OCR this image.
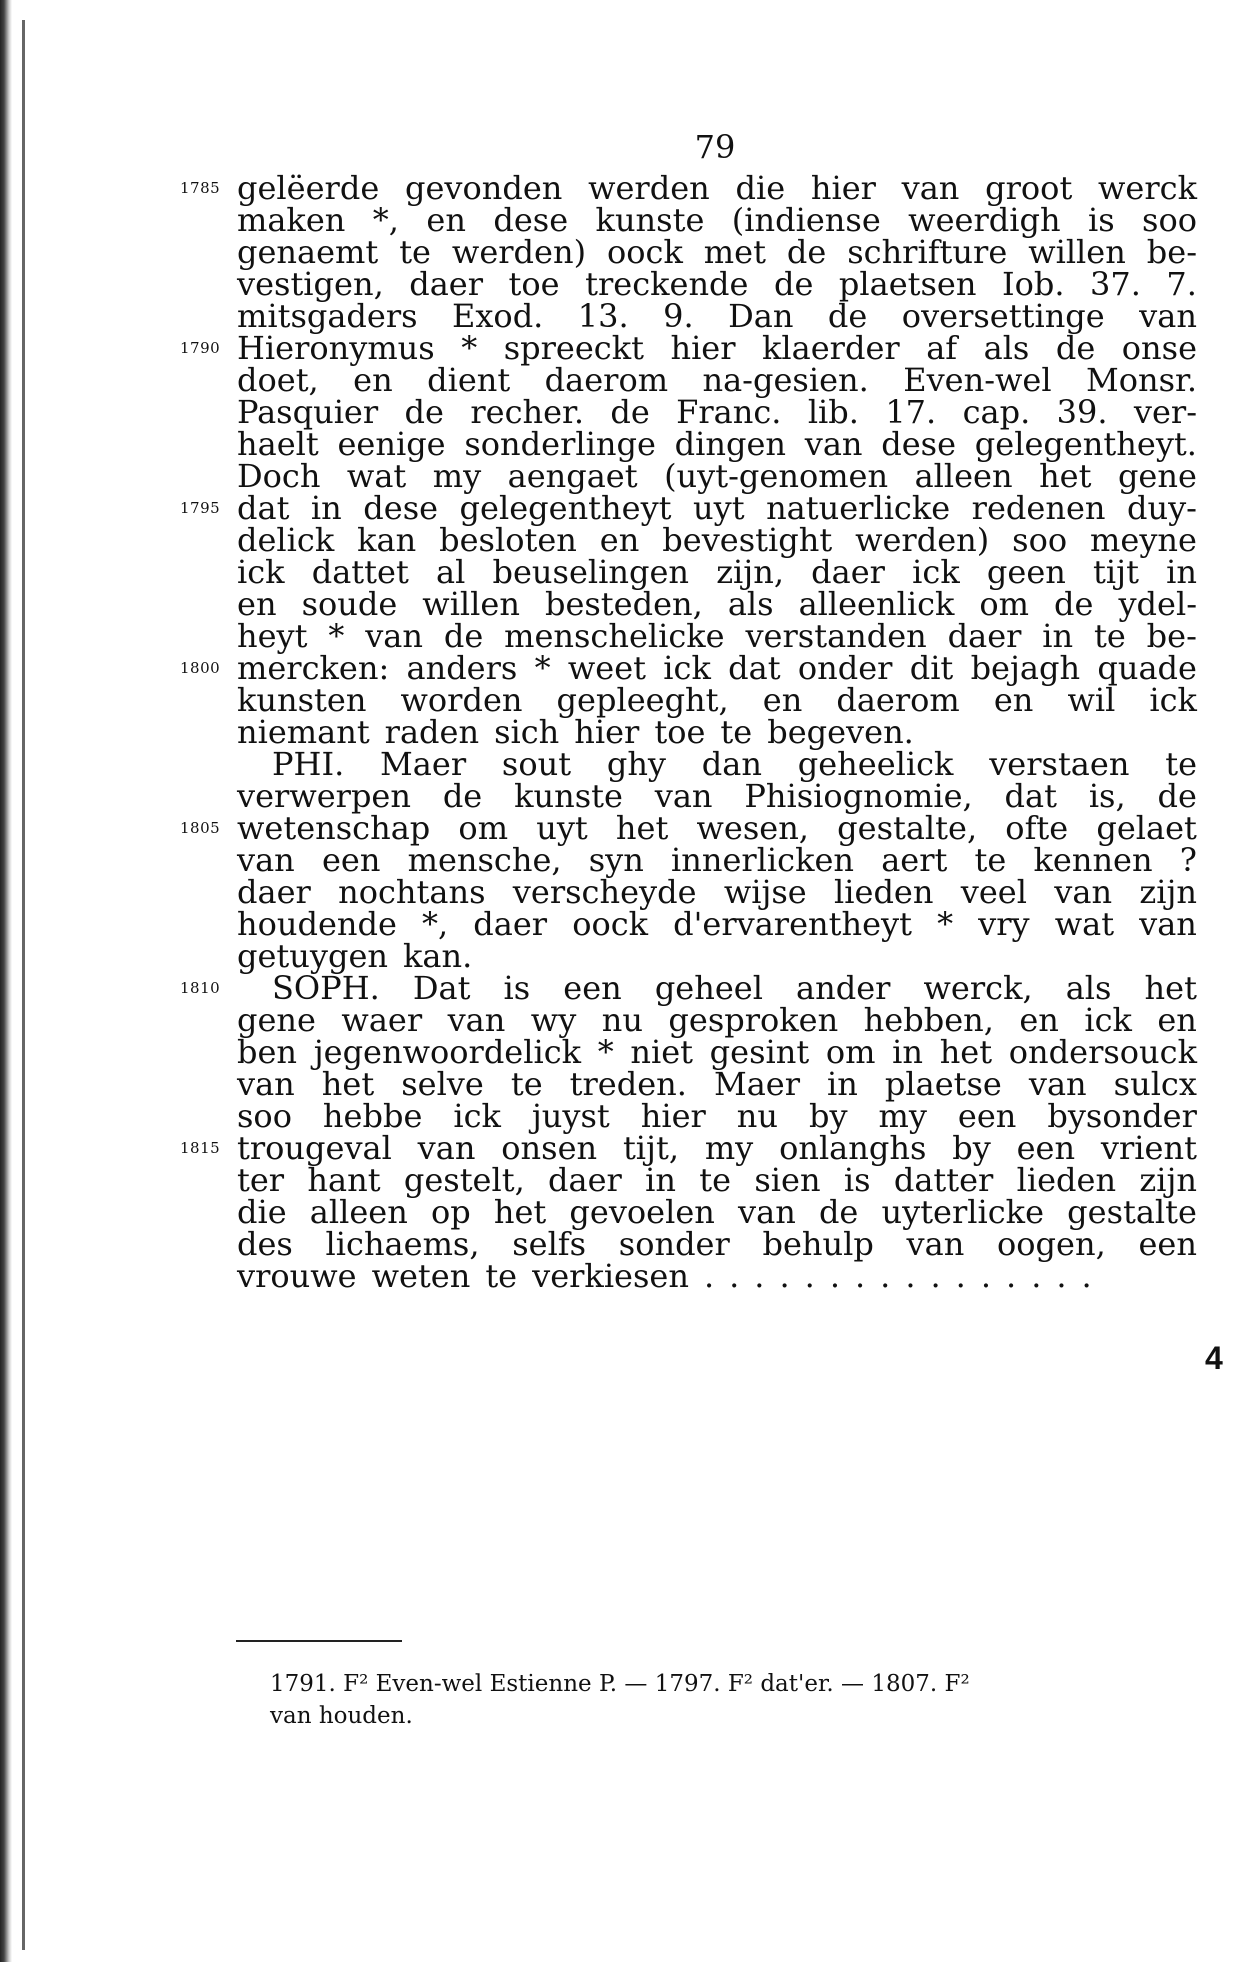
79
gelëerde gevonden werden die hier van groot werck
maken *, en dese kunste (indiense weerdigh is soo
genaemt te werden) oock met de schrifture willen be-
vestigen, daer toe treckende de plaetsen Iob. 37. 7.
mitsgaders Exod. 13. 9. Dan de oversettinge van
Hieronymus * spreeckt hier klaerder af als de onse
doet, en dient daerom na-gesien. Even-wel Monsr.
Pasquier de recher. de Franc. lib. 17. cap. 39. ver-
haelt eenige sonderlinge dingen van dese gelegentheyt.
Doch wat my aengaet (uyt-genomen alleen het gene
dat in dese gelegentheyt uyt natuerlicke redenen duy-
delick kan besloten en bevestight werden) soo meyne
ick dattet al beuselingen zijn, daer ick geen tijt in
en soude willen besteden, als alleenlick om de ydel-
heyt * van de menschelicke verstanden daer in te be-
mercken: anders * weet ick dat onder dit bejagh quade
kunsten worden gepleeght, en daerom en wil ick
niemant raden sich hier toe te begeven.
PHI. Maer sout ghy dan geheelick verstaen te
verwerpen de kunste van Phisiognomie, dat is, de
wetenschap om uyt het wesen, gestalte, ofte gelaet
van een mensche, syn innerlicken aert te kennen ?
daer nochtans verscheyde wijse lieden veel van zijn
houdende *, daer oock d'ervarentheyt * vry wat van
getuygen kan.
SOPH. Dat is een geheel ander werck, als het
gene waer van wy nu gesproken hebben, en ick en
ben jegenwoordelick * niet gesint om in het ondersouck
van het selve te treden. Maer in plaetse van sulcx
soo hebbe ick juyst hier nu by my een bysonder
trougeval van onsen tijt, my onlanghs by een vrient
ter hant gestelt, daer in te sien is datter lieden zijn
die alleen op het gevoelen van de uyterlicke gestalte
des lichaems, selfs sonder behulp van oogen, een
vrouwe weten te verkiesen . . . . . . . . . . . . . . . .
1785
1790
1795
1800
1805
1810
1815
4
1791. F² Even-wel Estienne P. — 1797. F² dat'er. — 1807. F²
van houden.
